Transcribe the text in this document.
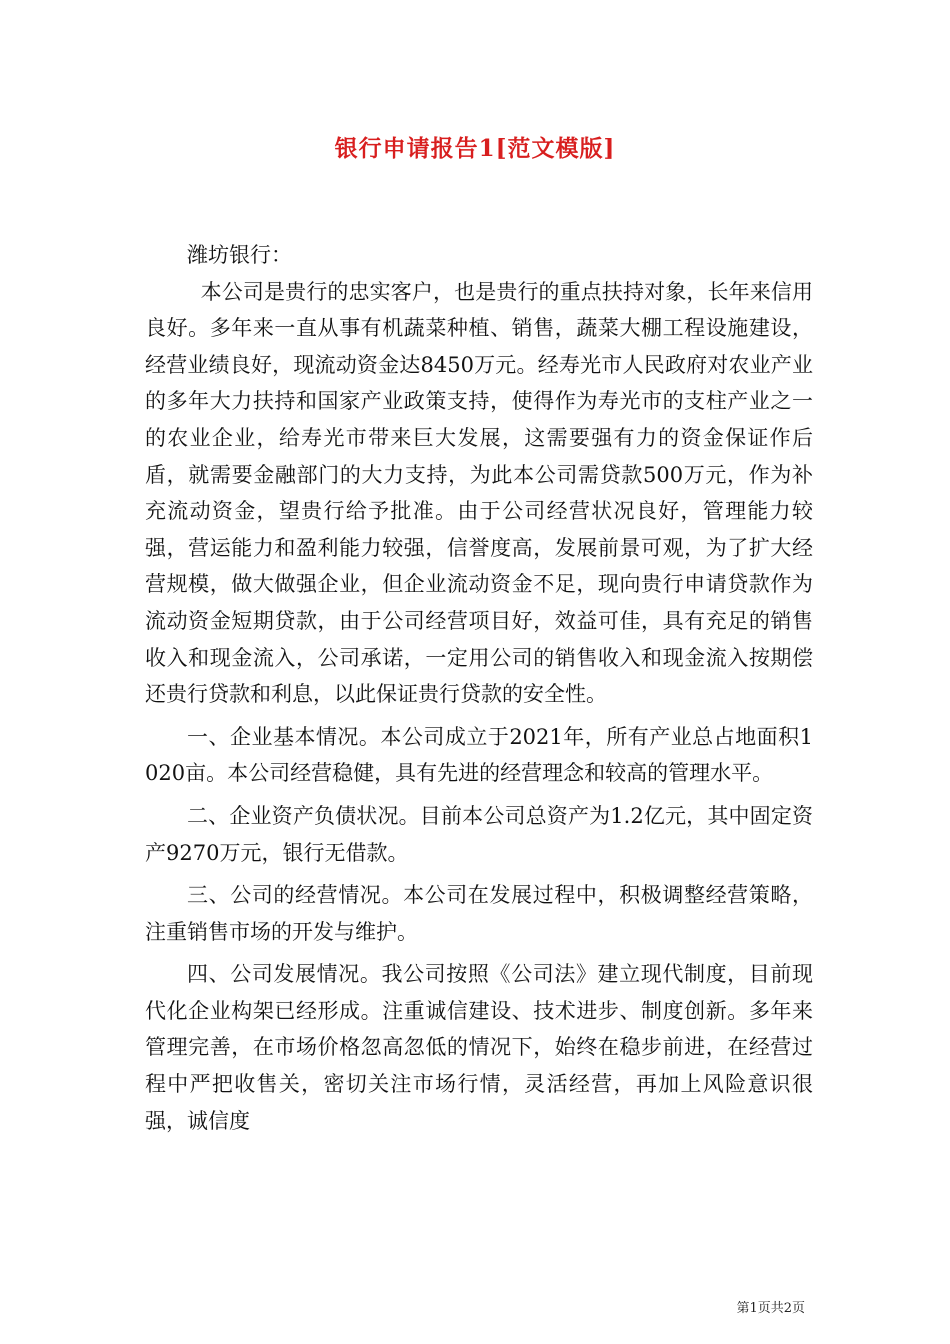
银行申请报告1[范文模版]
潍坊银行：

本公司是贵行的忠实客户，也是贵行的重点扶持对象，长年来信用良好。多年来一直从事有机蔬菜种植、销售，蔬菜大棚工程设施建设，经营业绩良好，现流动资金达8450万元。经寿光市人民政府对农业产业的多年大力扶持和国家产业政策支持，使得作为寿光市的支柱产业之一的农业企业，给寿光市带来巨大发展，这需要强有力的资金保证作后盾，就需要金融部门的大力支持，为此本公司需贷款500万元，作为补充流动资金，望贵行给予批准。由于公司经营状况良好，管理能力较强，营运能力和盈利能力较强，信誉度高，发展前景可观，为了扩大经营规模，做大做强企业，但企业流动资金不足，现向贵行申请贷款作为流动资金短期贷款，由于公司经营项目好，效益可佳，具有充足的销售收入和现金流入，公司承诺，一定用公司的销售收入和现金流入按期偿还贵行贷款和利息，以此保证贵行贷款的安全性。

一、企业基本情况。本公司成立于2021年，所有产业总占地面积1020亩。本公司经营稳健，具有先进的经营理念和较高的管理水平。

二、企业资产负债状况。目前本公司总资产为1.2亿元，其中固定资产9270万元，银行无借款。

三、公司的经营情况。本公司在发展过程中，积极调整经营策略，注重销售市场的开发与维护。

四、公司发展情况。我公司按照《公司法》建立现代制度，目前现代化企业构架已经形成。注重诚信建设、技术进步、制度创新。多年来管理完善，在市场价格忽高忽低的情况下，始终在稳步前进，在经营过程中严把收售关，密切关注市场行情，灵活经营，再加上风险意识很强，诚信度

第1页共2页
